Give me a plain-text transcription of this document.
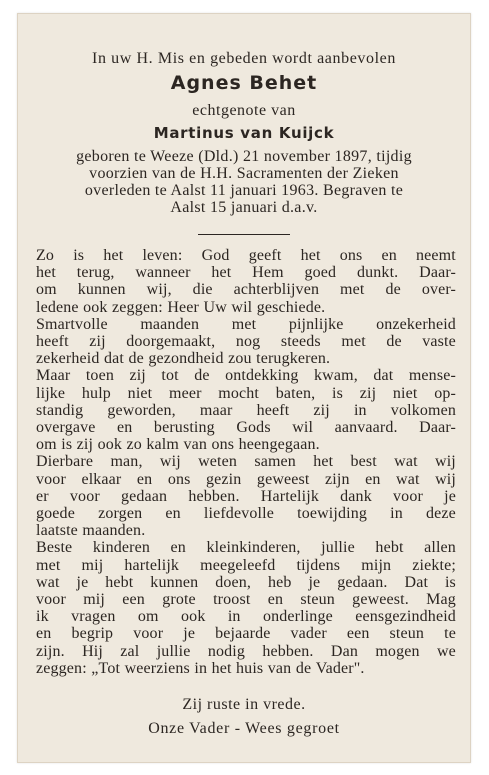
In uw H. Mis en gebeden wordt aanbevolen
Agnes Behet
echtgenote van
Martinus van Kuijck
geboren te Weeze (Dld.) 21 november 1897, tijdig
voorzien van de H.H. Sacramenten der Zieken
overleden te Aalst 11 januari 1963. Begraven te
Aalst 15 januari d.a.v.
Zo is het leven: God geeft het ons en neemt
het terug, wanneer het Hem goed dunkt. Daar-
om kunnen wij, die achterblijven met de over-
ledene ook zeggen: Heer Uw wil geschiede.
Smartvolle maanden met pijnlijke onzekerheid
heeft zij doorgemaakt, nog steeds met de vaste
zekerheid dat de gezondheid zou terugkeren.
Maar toen zij tot de ontdekking kwam, dat mense-
lijke hulp niet meer mocht baten, is zij niet op-
standig geworden, maar heeft zij in volkomen
overgave en berusting Gods wil aanvaard. Daar-
om is zij ook zo kalm van ons heengegaan.
Dierbare man, wij weten samen het best wat wij
voor elkaar en ons gezin geweest zijn en wat wij
er voor gedaan hebben. Hartelijk dank voor je
goede zorgen en liefdevolle toewijding in deze
laatste maanden.
Beste kinderen en kleinkinderen, jullie hebt allen
met mij hartelijk meegeleefd tijdens mijn ziekte;
wat je hebt kunnen doen, heb je gedaan. Dat is
voor mij een grote troost en steun geweest. Mag
ik vragen om ook in onderlinge eensgezindheid
en begrip voor je bejaarde vader een steun te
zijn. Hij zal jullie nodig hebben. Dan mogen we
zeggen: „Tot weerziens in het huis van de Vader".
Zij ruste in vrede.
Onze Vader - Wees gegroet
